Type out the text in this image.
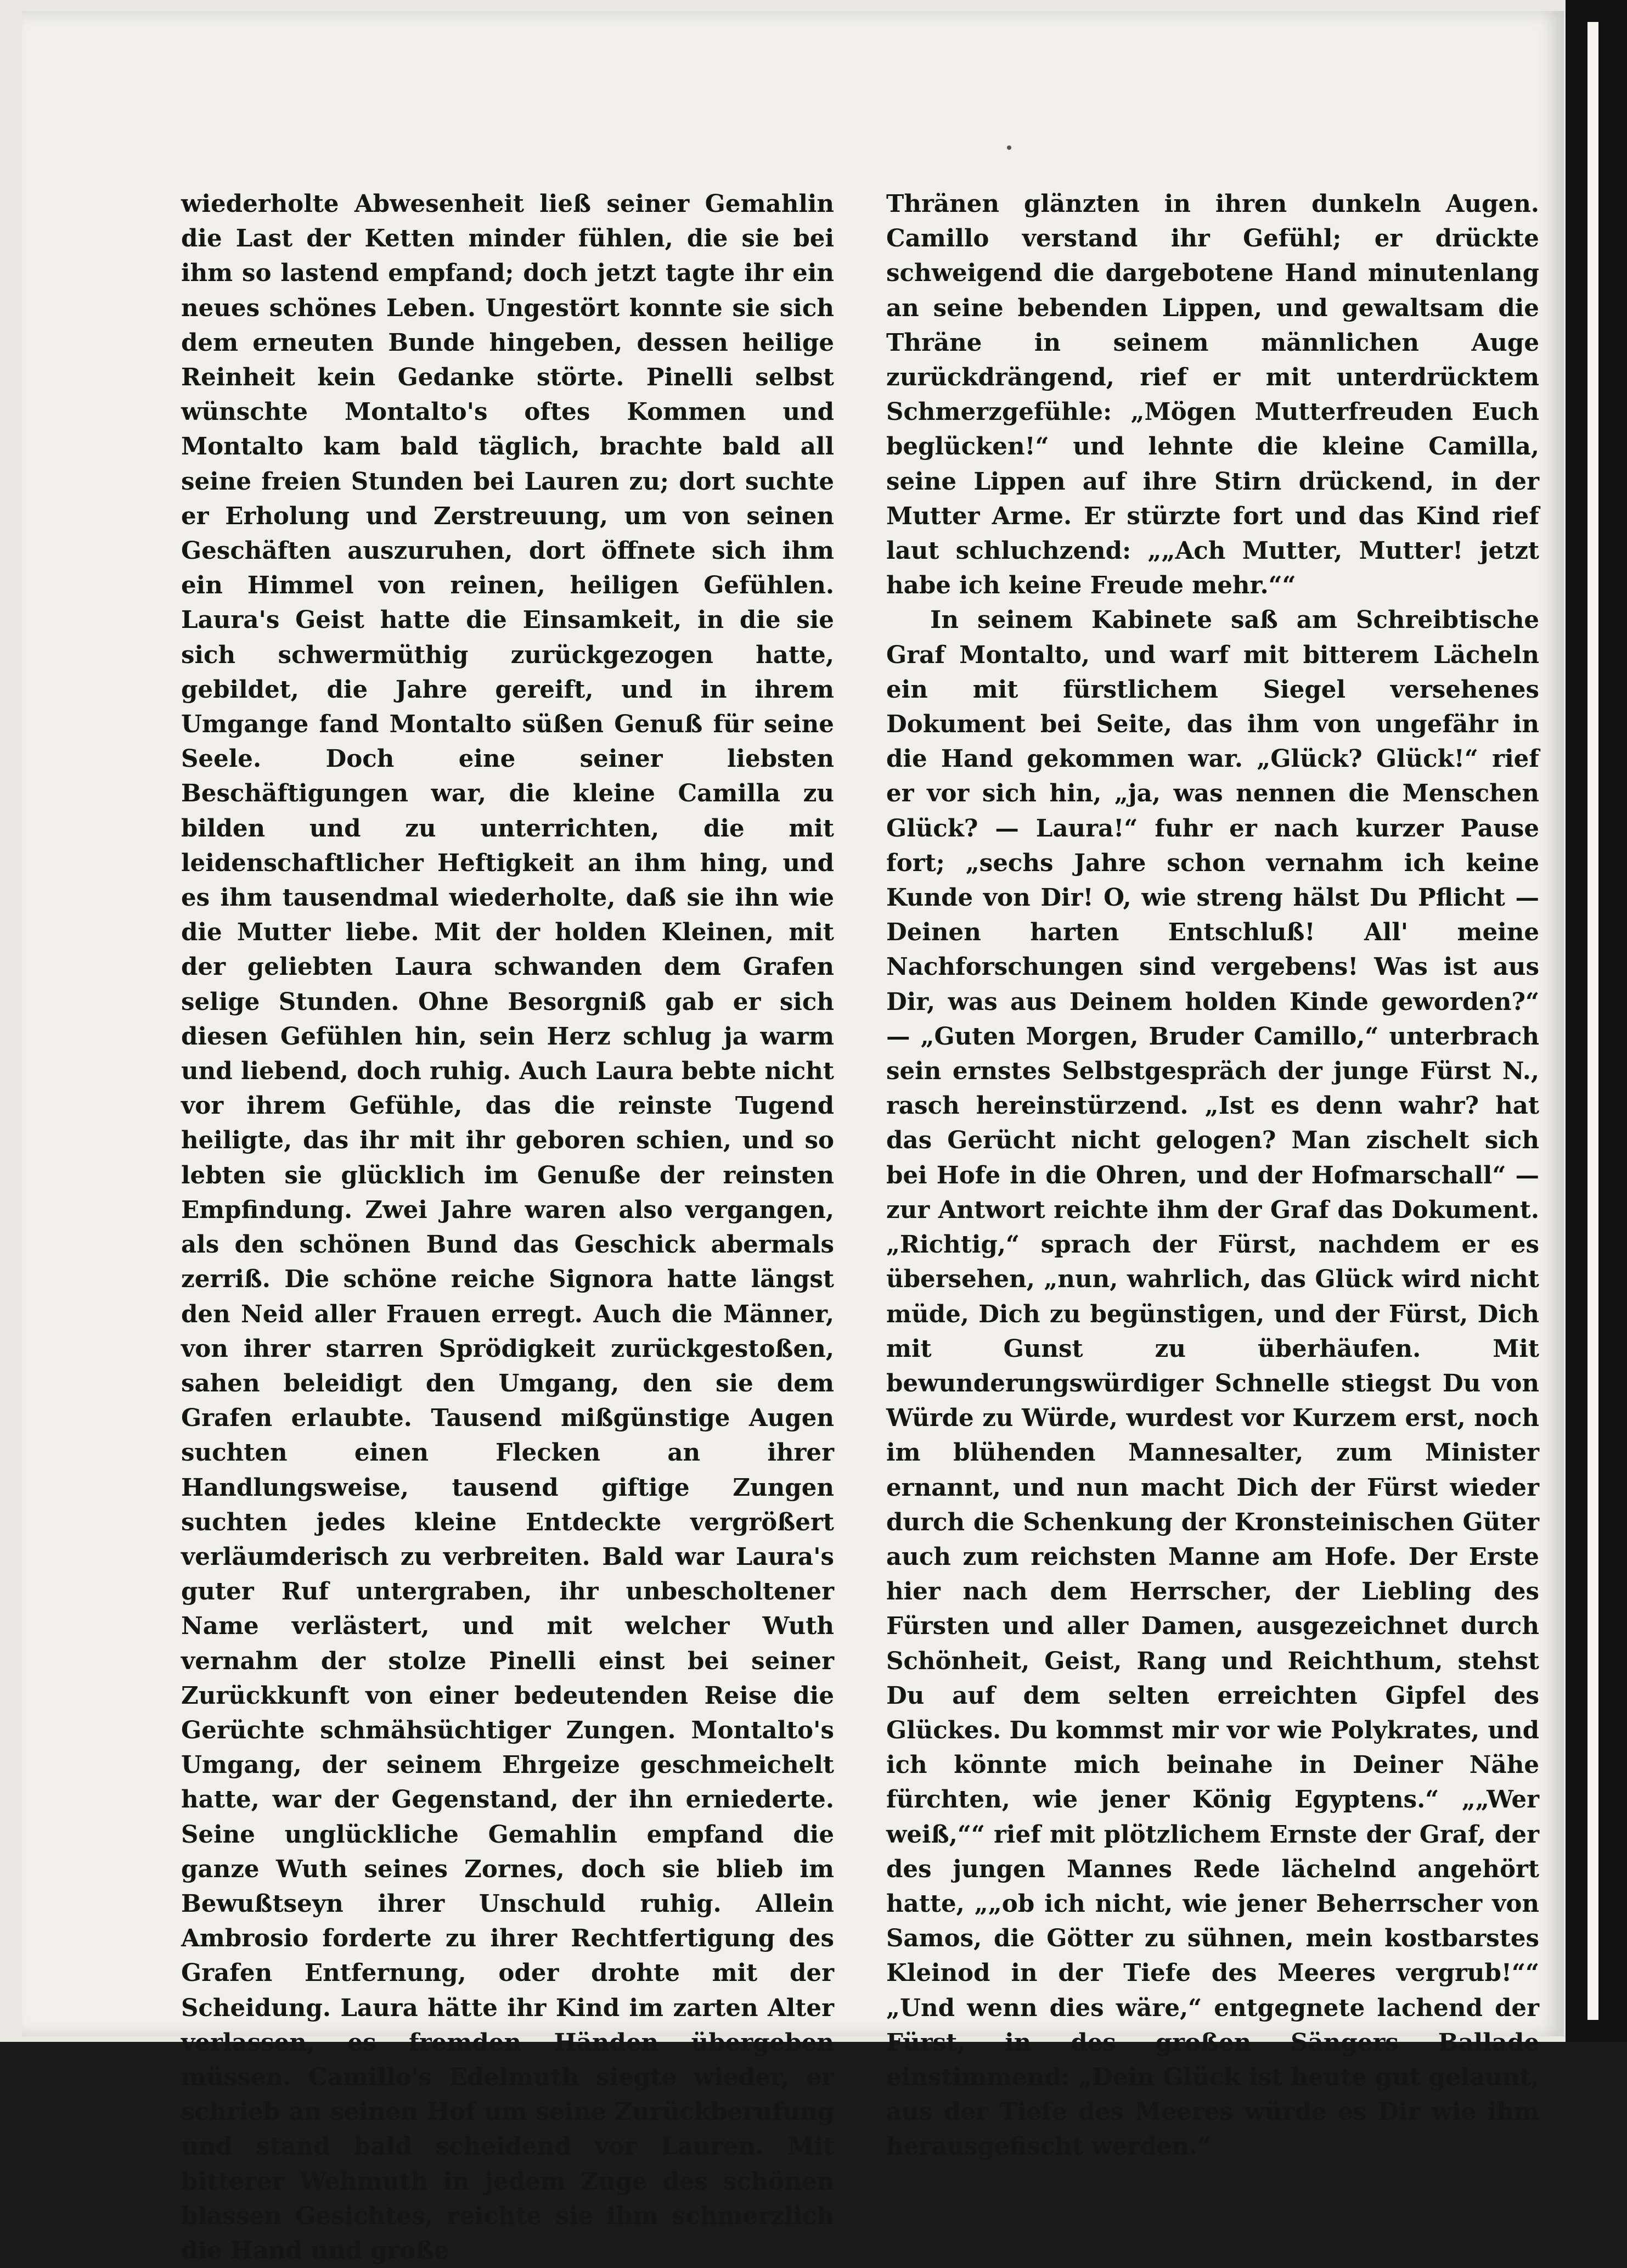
wiederholte Abwesenheit ließ seiner Gemahlin die Last der Ketten minder fühlen, die sie bei ihm so lastend empfand; doch jetzt tagte ihr ein neues schönes Leben. Ungestört konnte sie sich dem erneuten Bunde hingeben, dessen heilige Reinheit kein Gedanke störte. Pinelli selbst wünschte Montalto's oftes Kommen und Montalto kam bald täglich, brachte bald all seine freien Stunden bei Lauren zu; dort suchte er Erholung und Zerstreuung, um von seinen Geschäften auszuruhen, dort öffnete sich ihm ein Himmel von reinen, heiligen Gefühlen. Laura's Geist hatte die Einsamkeit, in die sie sich schwermüthig zurückgezogen hatte, gebildet, die Jahre gereift, und in ihrem Umgange fand Montalto süßen Genuß für seine Seele. Doch eine seiner liebsten Beschäftigungen war, die kleine Camilla zu bilden und zu unterrichten, die mit leidenschaftlicher Heftigkeit an ihm hing, und es ihm tausendmal wiederholte, daß sie ihn wie die Mutter liebe. Mit der holden Kleinen, mit der geliebten Laura schwanden dem Grafen selige Stunden. Ohne Besorgniß gab er sich diesen Gefühlen hin, sein Herz schlug ja warm und liebend, doch ruhig. Auch Laura bebte nicht vor ihrem Gefühle, das die reinste Tugend heiligte, das ihr mit ihr geboren schien, und so lebten sie glücklich im Genuße der reinsten Empfindung. Zwei Jahre waren also vergangen, als den schönen Bund das Geschick abermals zerriß. Die schöne reiche Signora hatte längst den Neid aller Frauen erregt. Auch die Männer, von ihrer starren Sprödigkeit zurückgestoßen, sahen beleidigt den Umgang, den sie dem Grafen erlaubte. Tausend mißgünstige Augen suchten einen Flecken an ihrer Handlungsweise, tausend giftige Zungen suchten jedes kleine Entdeckte vergrößert verläumderisch zu verbreiten. Bald war Laura's guter Ruf untergraben, ihr unbescholtener Name verlästert, und mit welcher Wuth vernahm der stolze Pinelli einst bei seiner Zurückkunft von einer bedeutenden Reise die Gerüchte schmähsüchtiger Zungen. Montalto's Umgang, der seinem Ehrgeize geschmeichelt hatte, war der Gegenstand, der ihn erniederte. Seine unglückliche Gemahlin empfand die ganze Wuth seines Zornes, doch sie blieb im Bewußtseyn ihrer Unschuld ruhig. Allein Ambrosio forderte zu ihrer Rechtfertigung des Grafen Entfernung, oder drohte mit der Scheidung. Laura hätte ihr Kind im zarten Alter verlassen, es fremden Händen übergeben müssen. Camillo's Edelmuth siegte wieder, er schrieb an seinen Hof um seine Zurückberufung und stand bald scheidend vor Lauren. Mit bitterer Wehmuth in jedem Zuge des schönen blassen Gesichtes, reichte sie ihm schmerzlich die Hand und große

Thränen glänzten in ihren dunkeln Augen. Camillo verstand ihr Gefühl; er drückte schweigend die dargebotene Hand minutenlang an seine bebenden Lippen, und gewaltsam die Thräne in seinem männlichen Auge zurückdrängend, rief er mit unterdrücktem Schmerzgefühle: „Mögen Mutterfreuden Euch beglücken!“ und lehnte die kleine Camilla, seine Lippen auf ihre Stirn drückend, in der Mutter Arme. Er stürzte fort und das Kind rief laut schluchzend: „„Ach Mutter, Mutter! jetzt habe ich keine Freude mehr.““

In seinem Kabinete saß am Schreibtische Graf Montalto, und warf mit bitterem Lächeln ein mit fürstlichem Siegel versehenes Dokument bei Seite, das ihm von ungefähr in die Hand gekommen war. „Glück? Glück!“ rief er vor sich hin, „ja, was nennen die Menschen Glück? — Laura!“ fuhr er nach kurzer Pause fort; „sechs Jahre schon vernahm ich keine Kunde von Dir! O, wie streng hälst Du Pflicht — Deinen harten Entschluß! All' meine Nachforschungen sind vergebens! Was ist aus Dir, was aus Deinem holden Kinde geworden?“ — „Guten Morgen, Bruder Camillo,“ unterbrach sein ernstes Selbstgespräch der junge Fürst N., rasch hereinstürzend. „Ist es denn wahr? hat das Gerücht nicht gelogen? Man zischelt sich bei Hofe in die Ohren, und der Hofmarschall“ — zur Antwort reichte ihm der Graf das Dokument. „Richtig,“ sprach der Fürst, nachdem er es übersehen, „nun, wahrlich, das Glück wird nicht müde, Dich zu begünstigen, und der Fürst, Dich mit Gunst zu überhäufen. Mit bewunderungswürdiger Schnelle stiegst Du von Würde zu Würde, wurdest vor Kurzem erst, noch im blühenden Mannesalter, zum Minister ernannt, und nun macht Dich der Fürst wieder durch die Schenkung der Kronsteinischen Güter auch zum reichsten Manne am Hofe. Der Erste hier nach dem Herrscher, der Liebling des Fürsten und aller Damen, ausgezeichnet durch Schönheit, Geist, Rang und Reichthum, stehst Du auf dem selten erreichten Gipfel des Glückes. Du kommst mir vor wie Polykrates, und ich könnte mich beinahe in Deiner Nähe fürchten, wie jener König Egyptens.“ „„Wer weiß,““ rief mit plötzlichem Ernste der Graf, der des jungen Mannes Rede lächelnd angehört hatte, „„ob ich nicht, wie jener Beherrscher von Samos, die Götter zu sühnen, mein kostbarstes Kleinod in der Tiefe des Meeres vergrub!““ „Und wenn dies wäre,“ entgegnete lachend der Fürst, in des großen Sängers Ballade einstimmend: „Dein Glück ist heute gut gelaunt, aus der Tiefe des Meeres würde es Dir wie ihm herausgefischt werden.“
